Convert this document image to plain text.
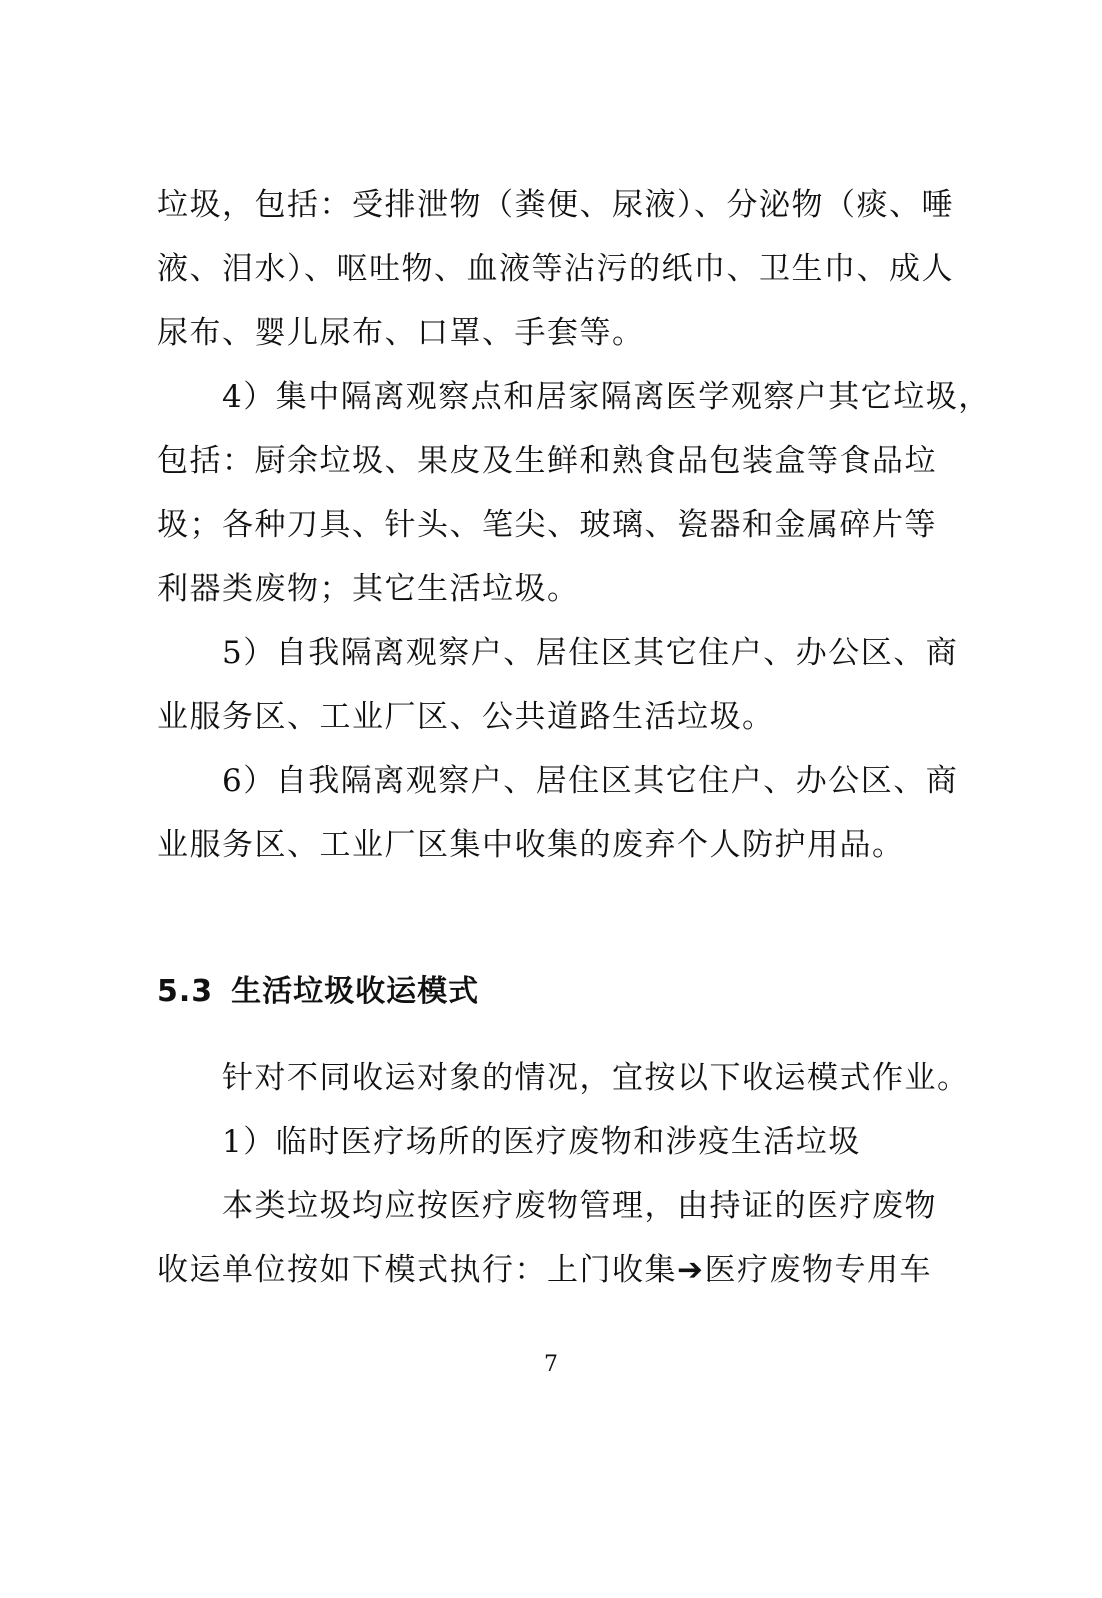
垃圾，包括：受排泄物（粪便、尿液）、分泌物（痰、唾
液、泪水）、呕吐物、血液等沾污的纸巾、卫生巾、成人
尿布、婴儿尿布、口罩、手套等。
4）集中隔离观察点和居家隔离医学观察户其它垃圾，
包括：厨余垃圾、果皮及生鲜和熟食品包装盒等食品垃
圾；各种刀具、针头、笔尖、玻璃、瓷器和金属碎片等
利器类废物；其它生活垃圾。
5）自我隔离观察户、居住区其它住户、办公区、商
业服务区、工业厂区、公共道路生活垃圾。
6）自我隔离观察户、居住区其它住户、办公区、商
业服务区、工业厂区集中收集的废弃个人防护用品。
5.3 生活垃圾收运模式
针对不同收运对象的情况，宜按以下收运模式作业。
1）临时医疗场所的医疗废物和涉疫生活垃圾
本类垃圾均应按医疗废物管理，由持证的医疗废物
收运单位按如下模式执行：上门收集➔医疗废物专用车
7
